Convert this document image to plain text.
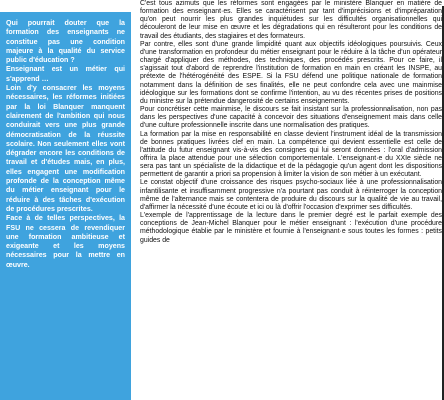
Qui pourrait douter que la formation des enseignants ne constitue pas une condition majeure à la qualité du service public d'éducation ?

Enseignant est un métier qui s'apprend …

Loin d'y consacrer les moyens nécessaires, les réformes initiées par la loi Blanquer manquent clairement de l'ambition qui nous conduirait vers une plus grande démocratisation de la réussite scolaire. Non seulement elles vont dégrader encore les conditions de travail et d'études mais, en plus, elles engagent une modification profonde de la conception même du métier enseignant pour le réduire à des tâches d'exécution de procédures prescrites.

Face à de telles perspectives, la FSU ne cessera de revendiquer une formation ambitieuse et exigeante et les moyens nécessaires pour la mettre en œuvre.

C'est tous azimuts que les réformes sont engagées par le ministère Blanquer en matière de formation des enseignant·es. Elles se caractérisent par tant d'imprécisions et d'impréparation qu'on peut nourrir les plus grandes inquiétudes sur les difficultés organisationnelles qui découleront de leur mise en œuvre et les dégradations qui en résulteront pour les conditions de travail des étudiants, des stagiaires et des formateurs.

Par contre, elles sont d'une grande limpidité quant aux objectifs idéologiques poursuivis. Ceux d'une transformation en profondeur du métier enseignant pour le réduire à la tâche d'un opérateur chargé d'appliquer des méthodes, des techniques, des procédés prescrits. Pour ce faire, il s'agissait tout d'abord de reprendre l'institution de formation en main en créant les INSPE, au prétexte de l'hétérogénéité des ESPE. Si la FSU défend une politique nationale de formation notamment dans la définition de ses finalités, elle ne peut confondre cela avec une mainmise idéologique sur les formations dont se confirme l'intention, au vu des récentes prises de positions du ministre sur la prétendue dangerosité de certains enseignements.

Pour concrétiser cette mainmise, le discours se fait insistant sur la professionnalisation, non pas dans les perspectives d'une capacité à concevoir des situations d'enseignement mais dans celle d'une culture professionnelle inscrite dans une normalisation des pratiques.

La formation par la mise en responsabilité en classe devient l'instrument idéal de la transmission de bonnes pratiques livrées clef en main. La compétence qui devient essentielle est celle de l'attitude du futur enseignant vis-à-vis des consignes qui lui seront données : l'oral d'admission offrira la place attendue pour une sélection comportementale. L'enseignant·e du XXIe siècle ne sera pas tant un spécialiste de la didactique et de la pédagogie qu'un agent dont les dispositions permettent de garantir a priori sa propension à limiter la vision de son métier à un exécutant.

Le constat objectif d'une croissance des risques psycho-sociaux liée à une professionnalisation infantilisante et insuffisamment progressive n'a pourtant pas conduit à réinterroger la conception même de l'alternance mais se contentera de produire du discours sur la qualité de vie au travail, d'affirmer la nécessité d'une écoute et ici ou là d'offrir l'occasion d'exprimer ses difficultés.

L'exemple de l'apprentissage de la lecture dans le premier degré est le parfait exemple des conceptions de Jean-Michel Blanquer pour le métier enseignant : l'exécution d'une procédure méthodologique établie par le ministère et fournie à l'enseignant·e sous toutes les formes : petits guides de
